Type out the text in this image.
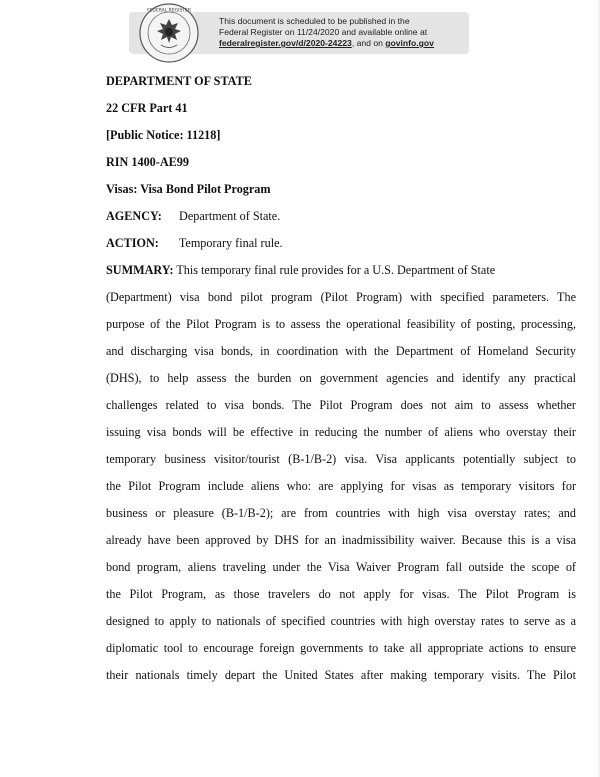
FEDERAL REGISTER
This document is scheduled to be published in the
Federal Register on 11/24/2020 and available online at
federalregister.gov/d/2020-24223, and on govinfo.gov
DEPARTMENT OF STATE
22 CFR Part 41
[Public Notice: 11218]
RIN 1400-AE99
Visas: Visa Bond Pilot Program
AGENCY: Department of State.
ACTION: Temporary final rule.
SUMMARY: This temporary final rule provides for a U.S. Department of State
(Department) visa bond pilot program (Pilot Program) with specified parameters. The
purpose of the Pilot Program is to assess the operational feasibility of posting, processing,
and discharging visa bonds, in coordination with the Department of Homeland Security
(DHS), to help assess the burden on government agencies and identify any practical
challenges related to visa bonds. The Pilot Program does not aim to assess whether
issuing visa bonds will be effective in reducing the number of aliens who overstay their
temporary business visitor/tourist (B-1/B-2) visa. Visa applicants potentially subject to
the Pilot Program include aliens who: are applying for visas as temporary visitors for
business or pleasure (B-1/B-2); are from countries with high visa overstay rates; and
already have been approved by DHS for an inadmissibility waiver. Because this is a visa
bond program, aliens traveling under the Visa Waiver Program fall outside the scope of
the Pilot Program, as those travelers do not apply for visas. The Pilot Program is
designed to apply to nationals of specified countries with high overstay rates to serve as a
diplomatic tool to encourage foreign governments to take all appropriate actions to ensure
their nationals timely depart the United States after making temporary visits. The Pilot
